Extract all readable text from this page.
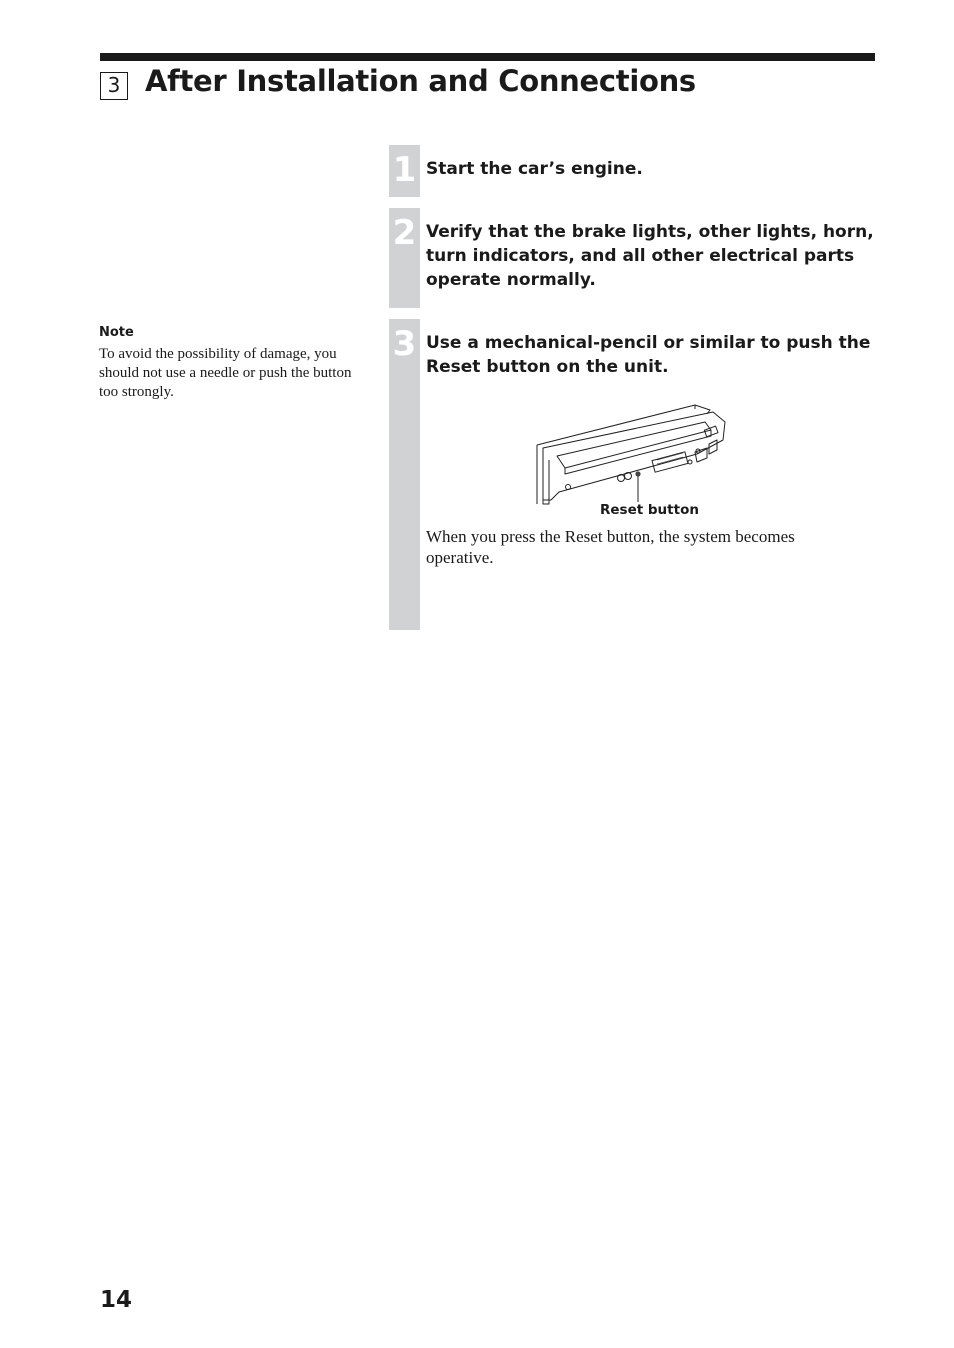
3 After Installation and Connections
1 Start the car’s engine.
2 Verify that the brake lights, other lights, horn, turn indicators, and all other electrical parts operate normally.
3 Use a mechanical-pencil or similar to push the Reset button on the unit.
Note
To avoid the possibility of damage, you should not use a needle or push the button too strongly.
Reset button
When you press the Reset button, the system becomes operative.
14
